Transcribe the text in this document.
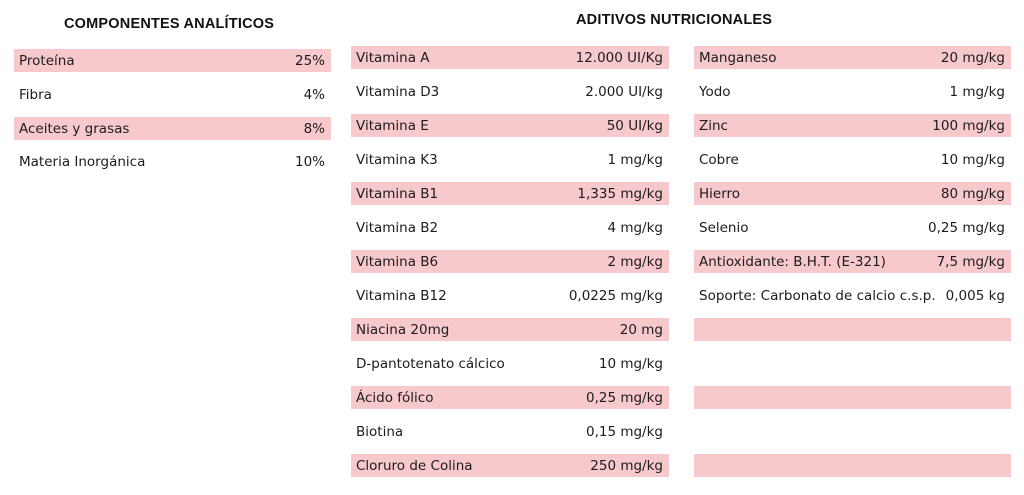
COMPONENTES ANALÍTICOS	ADITIVOS NUTRICIONALES
Proteína	25%
Fibra	4%
Aceites y grasas	8%
Materia Inorgánica	10%
Vitamina A	12.000 UI/Kg
Vitamina D3	2.000 UI/kg
Vitamina E	50 UI/kg
Vitamina K3	1 mg/kg
Vitamina B1	1,335 mg/kg
Vitamina B2	4 mg/kg
Vitamina B6	2 mg/kg
Vitamina B12	0,0225 mg/kg
Niacina 20mg	20 mg
D-pantotenato cálcico	10 mg/kg
Ácido fólico	0,25 mg/kg
Biotina	0,15 mg/kg
Cloruro de Colina	250 mg/kg
Manganeso	20 mg/kg
Yodo	1 mg/kg
Zinc	100 mg/kg
Cobre	10 mg/kg
Hierro	80 mg/kg
Selenio	0,25 mg/kg
Antioxidante: B.H.T. (E-321)	7,5 mg/kg
Soporte: Carbonato de calcio c.s.p. 0,005 kg
